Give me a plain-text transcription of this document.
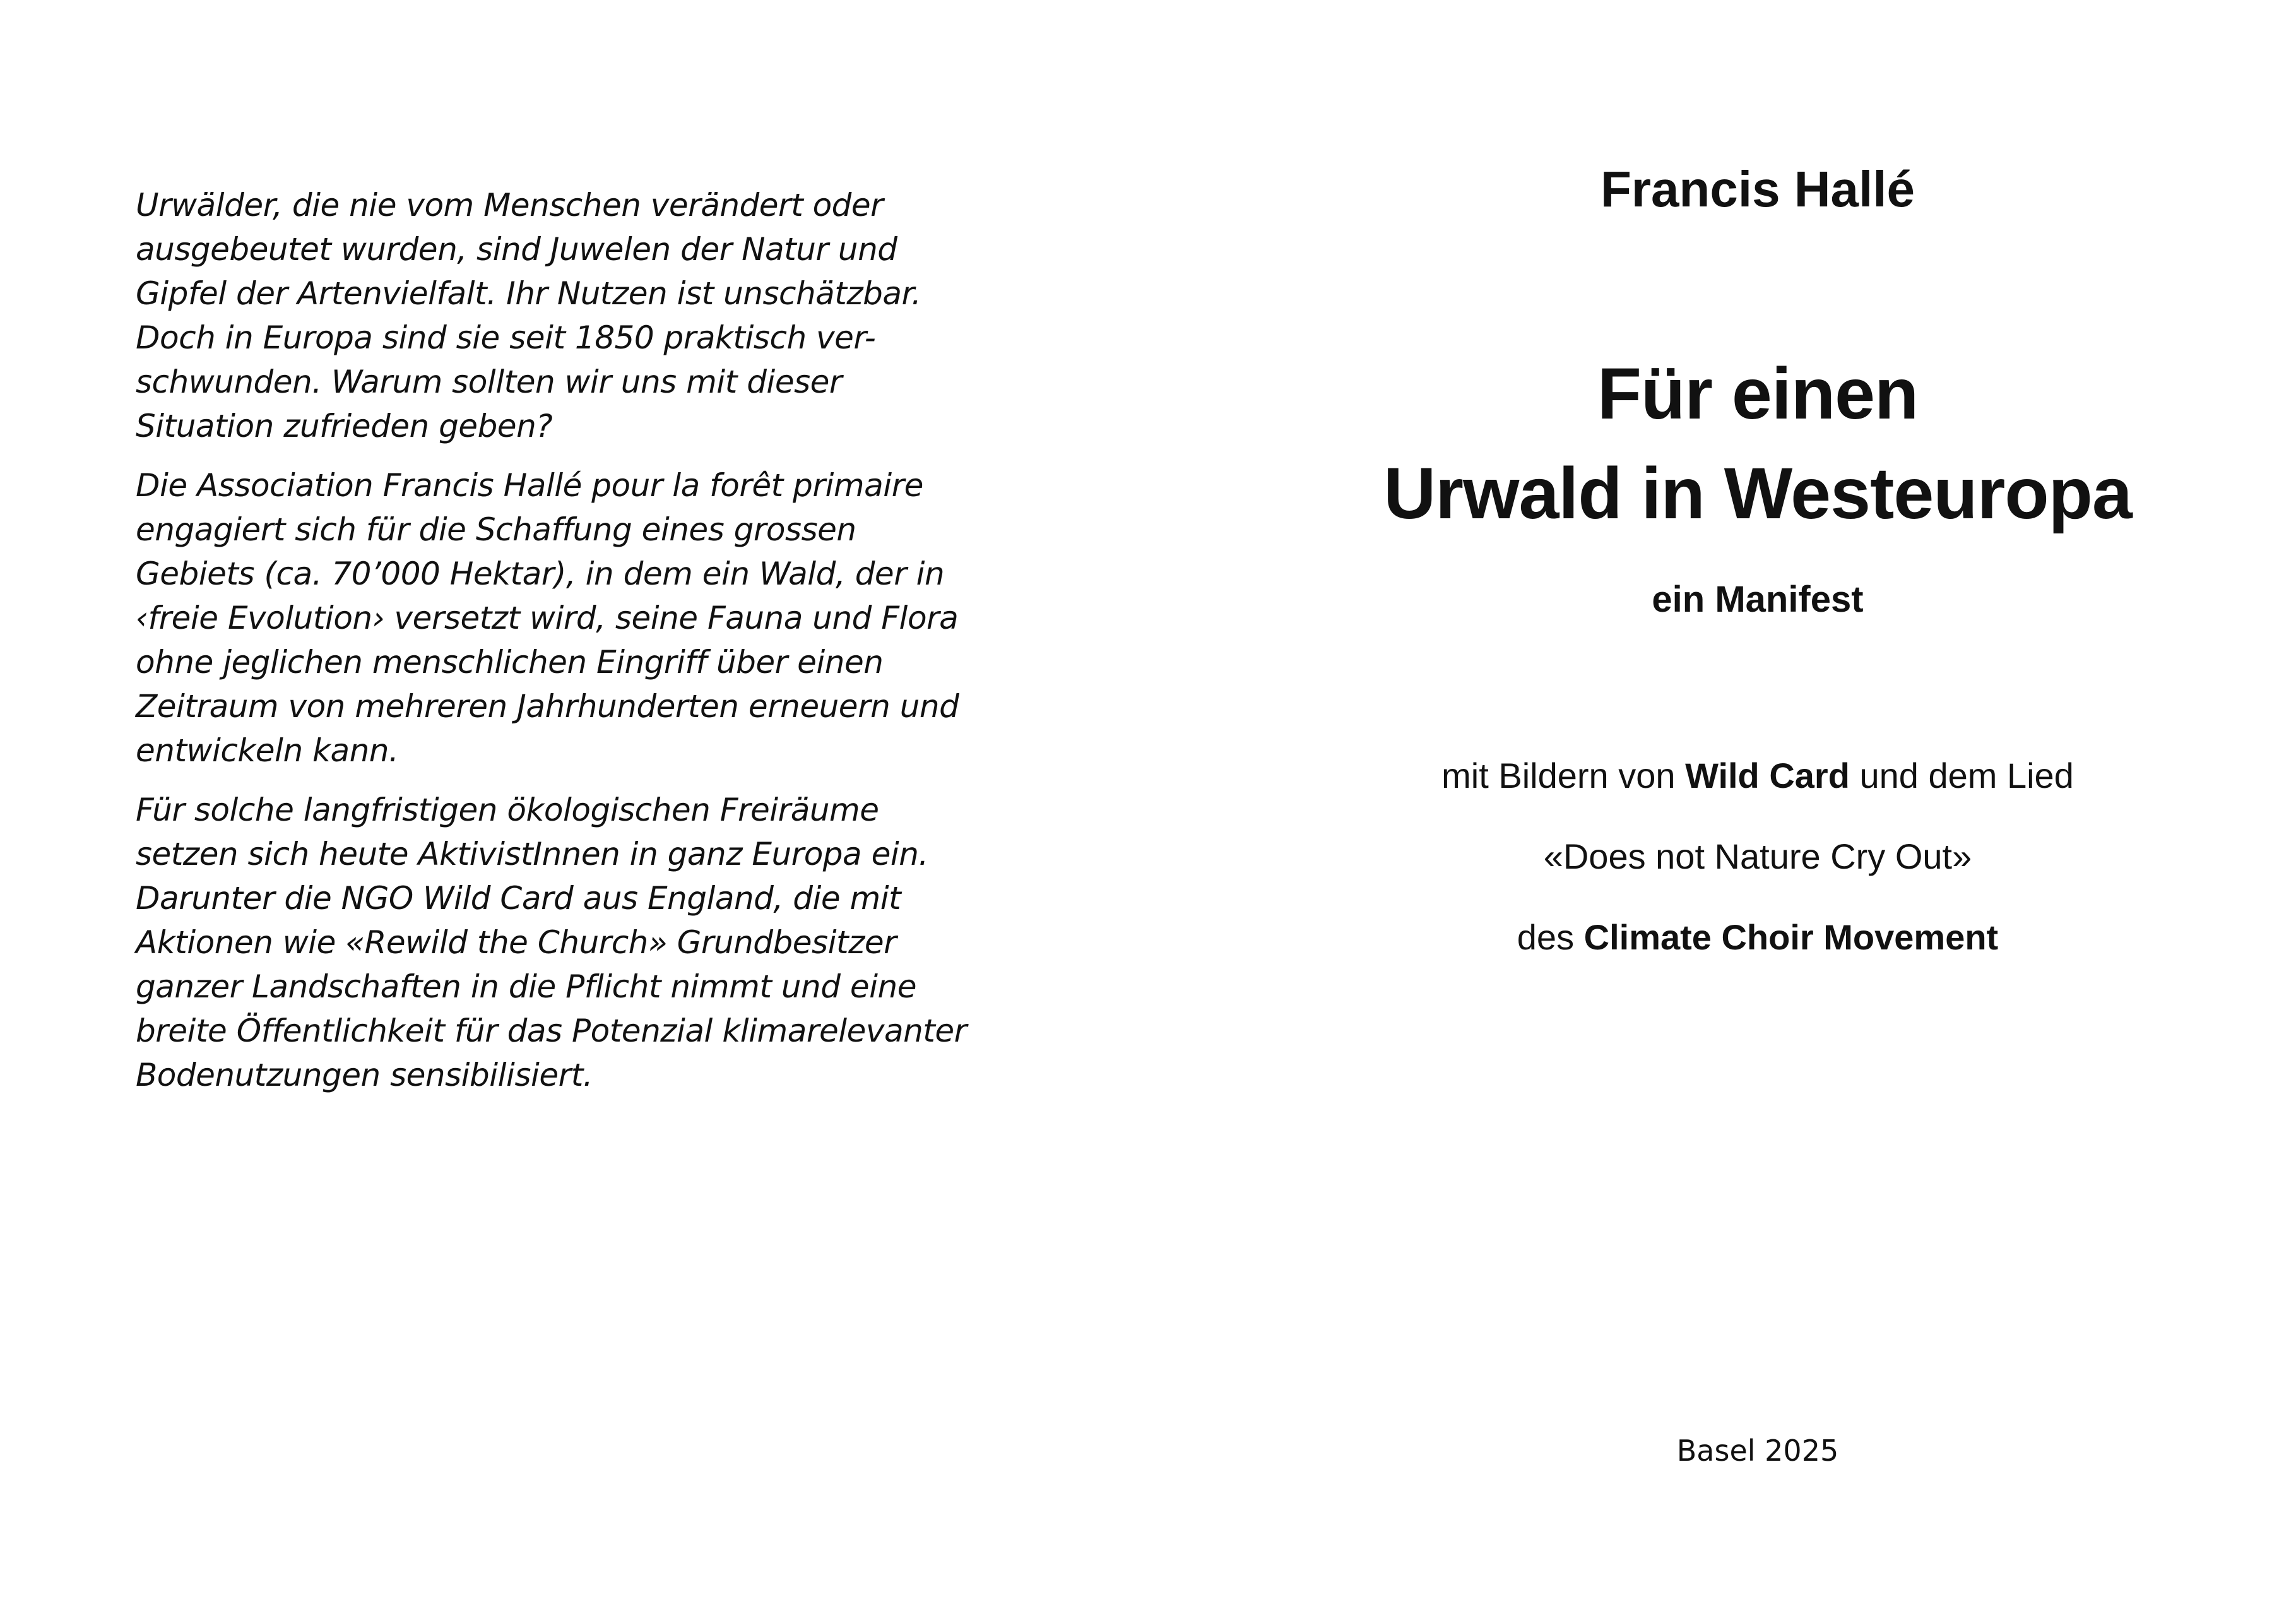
Urwälder, die nie vom Menschen verändert oder
ausgebeutet wurden, sind Juwelen der Natur und
Gipfel der Artenvielfalt. Ihr Nutzen ist unschätzbar.
Doch in Europa sind sie seit 1850 praktisch ver-
schwunden. Warum sollten wir uns mit dieser
Situation zufrieden geben?

Die Association Francis Hallé pour la forêt primaire
engagiert sich für die Schaffung eines grossen
Gebiets (ca. 70’000 Hektar), in dem ein Wald, der in
‹freie Evolution› versetzt wird, seine Fauna und Flora
ohne jeglichen menschlichen Eingriff über einen
Zeitraum von mehreren Jahrhunderten erneuern und
entwickeln kann.

Für solche langfristigen ökologischen Freiräume
setzen sich heute AktivistInnen in ganz Europa ein.
Darunter die NGO Wild Card aus England, die mit
Aktionen wie «Rewild the Church» Grundbesitzer
ganzer Landschaften in die Pflicht nimmt und eine
breite Öffentlichkeit für das Potenzial klimarelevanter
Bodenutzungen sensibilisiert.

Francis Hallé
Für einen
Urwald in Westeuropa
ein Manifest
mit Bildern von Wild Card und dem Lied
«Does not Nature Cry Out»
des Climate Choir Movement
Basel 2025
